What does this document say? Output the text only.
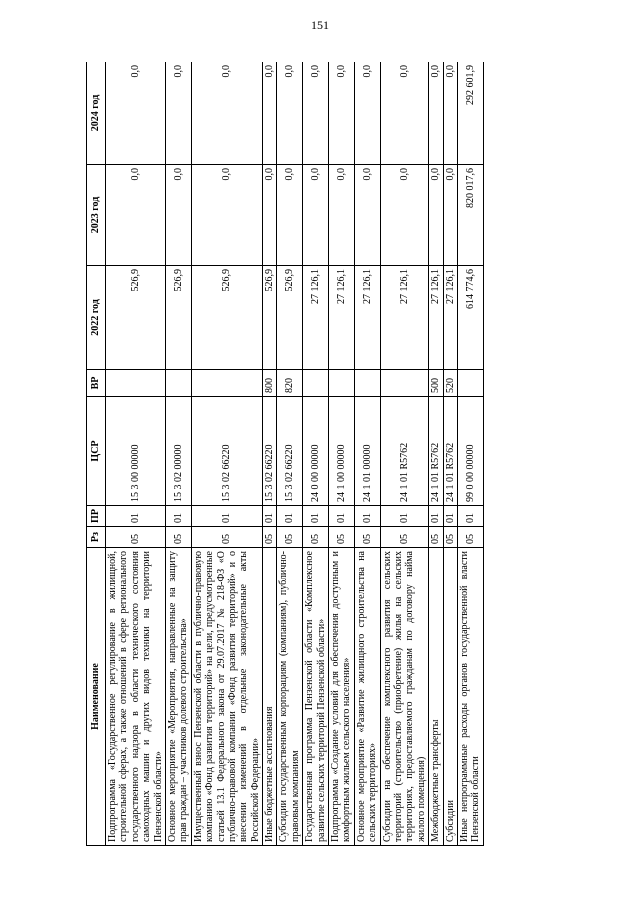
151
Наименование	Рз	ПР	ЦСР	ВР	2022 год	2023 год	2024 год
Подпрограмма «Государственное регулирование в жилищной, строительной сферах, а также отношений в сфере регионального государственного надзора в области технического состояния самоходных машин и других видов техники на территории Пензенской области»	05	01	15 3 00 00000		526,9	0,0	0,0
Основное мероприятие «Мероприятия, направленные на защиту прав граждан – участников долевого строительства»	05	01	15 3 02 00000		526,9	0,0	0,0
Имущественный взнос Пензенской области в публично-правовую компанию «Фонд развития территорий» на цели, предусмотренные статьей 13.1 Федерального закона от 29.07.2017 № 218-ФЗ «О публично-правовой компании «Фонд развития территорий» и о внесении изменений в отдельные законодательные акты Российской Федерации»	05	01	15 3 02 66220		526,9	0,0	0,0
Иные бюджетные ассигнования	05	01	15 3 02 66220	800	526,9	0,0	0,0
Субсидии государственным корпорациям (компаниям), публично-правовым компаниям	05	01	15 3 02 66220	820	526,9	0,0	0,0
Государственная программа Пензенской области «Комплексное развитие сельских территорий Пензенской области»	05	01	24 0 00 00000		27 126,1	0,0	0,0
Подпрограмма «Создание условий для обеспечения доступным и комфортным жильем сельского населения»	05	01	24 1 00 00000		27 126,1	0,0	0,0
Основное мероприятие «Развитие жилищного строительства на сельских территориях»	05	01	24 1 01 00000		27 126,1	0,0	0,0
Субсидии на обеспечение комплексного развития сельских территорий (строительство (приобретение) жилья на сельских территориях, предоставляемого гражданам по договору найма жилого помещения)	05	01	24 1 01 R5762		27 126,1	0,0	0,0
Межбюджетные трансферты	05	01	24 1 01 R5762	500	27 126,1	0,0	0,0
Субсидии	05	01	24 1 01 R5762	520	27 126,1	0,0	0,0
Иные непрограммные расходы органов государственной власти Пензенской области	05	01	99 0 00 00000		614 774,6	820 017,6	292 601,9
